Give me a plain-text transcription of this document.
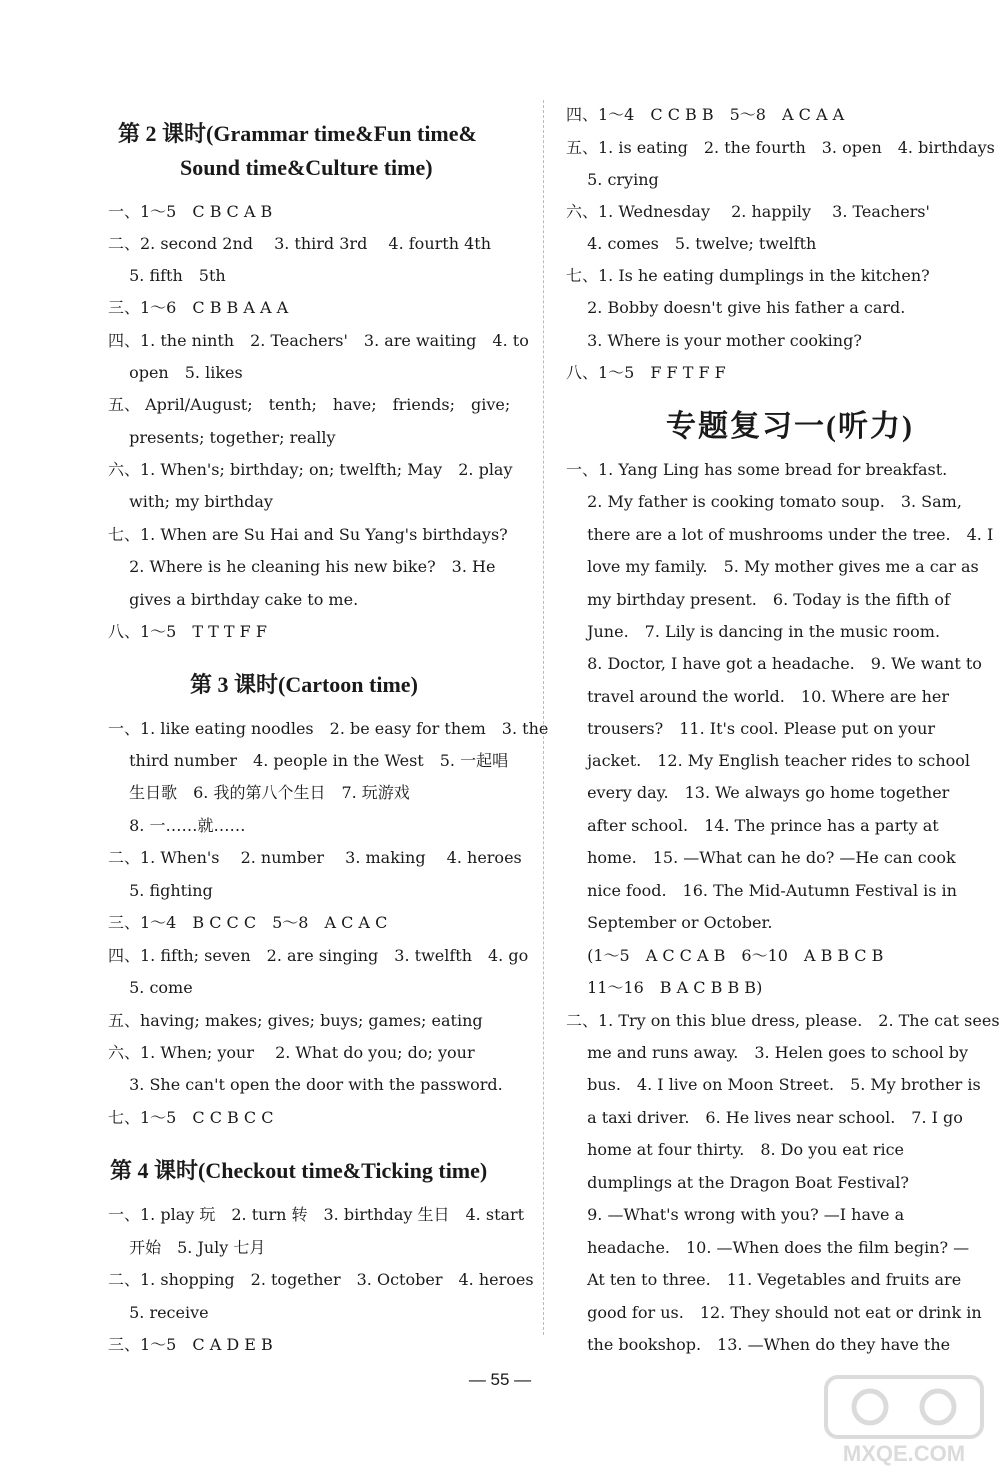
第 2 课时(Grammar time&Fun time&
Sound time&Culture time)
一、1～5　C B C A B
二、2. second 2nd　 3. third 3rd　 4. fourth 4th
　 5. fifth　5th
三、1～6　C B B A A A
四、1. the ninth　2. Teachers'　3. are waiting　4. to
　 open　5. likes
五、 April/August;　tenth;　have;　friends;　give;
　 presents; together; really
六、1. When's; birthday; on; twelfth; May　2. play
　 with; my birthday
七、1. When are Su Hai and Su Yang's birthdays?
　 2. Where is he cleaning his new bike?　3. He
　 gives a birthday cake to me.
八、1～5　T T T F F
第 3 课时(Cartoon time)
一、1. like eating noodles　2. be easy for them　3. the
　 third number　4. people in the West　5. 一起唱
　 生日歌　6. 我的第八个生日　7. 玩游戏
　 8. 一……就……
二、1. When's　 2. number　 3. making　 4. heroes
　 5. fighting
三、1～4　B C C C　5～8　A C A C
四、1. fifth; seven　2. are singing　3. twelfth　4. go
　 5. come
五、having; makes; gives; buys; games; eating
六、1. When; your　 2. What do you; do; your
　 3. She can't open the door with the password.
七、1～5　C C B C C
第 4 课时(Checkout time&Ticking time)
一、1. play 玩　2. turn 转　3. birthday 生日　4. start
　 开始　5. July 七月
二、1. shopping　2. together　3. October　4. heroes
　 5. receive
三、1～5　C A D E B
四、1～4　C C B B　5～8　A C A A
五、1. is eating　2. the fourth　3. open　4. birthdays
　 5. crying
六、1. Wednesday　 2. happily　 3. Teachers'
　 4. comes　5. twelve; twelfth
七、1. Is he eating dumplings in the kitchen?
　 2. Bobby doesn't give his father a card.
　 3. Where is your mother cooking?
八、1～5　F F T F F
专题复习一(听力)
一、1. Yang Ling has some bread for breakfast.
　 2. My father is cooking tomato soup.　3. Sam,
　 there are a lot of mushrooms under the tree.　4. I
　 love my family.　5. My mother gives me a car as
　 my birthday present.　6. Today is the fifth of
　 June.　7. Lily is dancing in the music room.
　 8. Doctor, I have got a headache.　9. We want to
　 travel around the world.　10. Where are her
　 trousers?　11. It's cool. Please put on your
　 jacket.　12. My English teacher rides to school
　 every day.　13. We always go home together
　 after school.　14. The prince has a party at
　 home.　15. —What can he do? —He can cook
　 nice food.　16. The Mid-Autumn Festival is in
　 September or October.
　 (1～5　A C C A B　6～10　A B B C B
　 11～16　B A C B B B)
二、1. Try on this blue dress, please.　2. The cat sees
　 me and runs away.　3. Helen goes to school by
　 bus.　4. I live on Moon Street.　5. My brother is
　 a taxi driver.　6. He lives near school.　7. I go
　 home at four thirty.　8. Do you eat rice
　 dumplings at the Dragon Boat Festival?
　 9. —What's wrong with you? —I have a
　 headache.　10. —When does the film begin? —
　 At ten to three.　11. Vegetables and fruits are
　 good for us.　12. They should not eat or drink in
　 the bookshop.　13. —When do they have the
— 55 —
MXQE.COM
